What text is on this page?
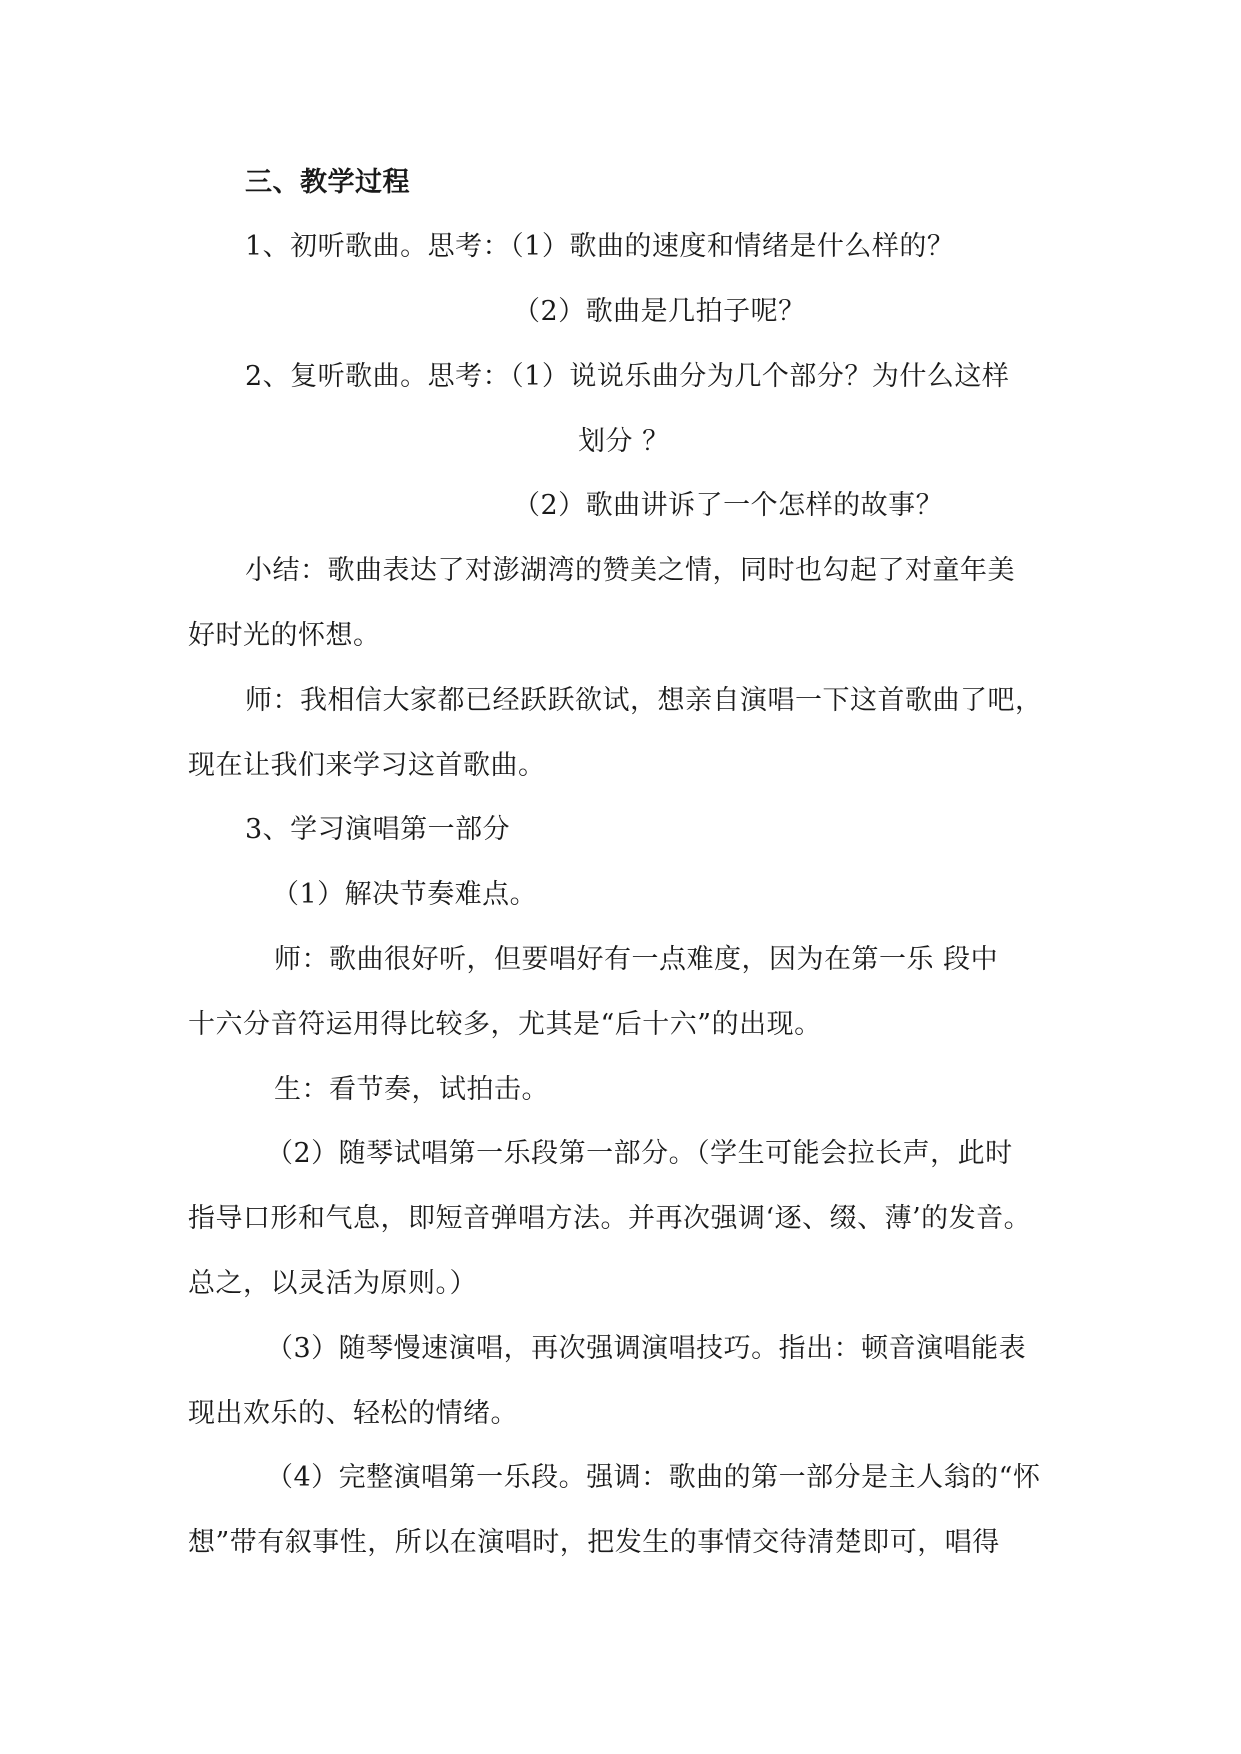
三、教学过程
1、初听歌曲。思考：（1）歌曲的速度和情绪是什么样的？
（2）歌曲是几拍子呢？
2、复听歌曲。思考：（1）说说乐曲分为几个部分？为什么这样
划分 ？
（2）歌曲讲诉了一个怎样的故事？
小结：歌曲表达了对澎湖湾的赞美之情，同时也勾起了对童年美
好时光的怀想。
师：我相信大家都已经跃跃欲试，想亲自演唱一下这首歌曲了吧，
现在让我们来学习这首歌曲。
3、学习演唱第一部分
（1）解决节奏难点。
师：歌曲很好听，但要唱好有一点难度，因为在第一乐 段中
十六分音符运用得比较多，尤其是“后十六”的出现。
生：看节奏，试拍击。
（2）随琴试唱第一乐段第一部分。（学生可能会拉长声，此时
指导口形和气息，即短音弹唱方法。并再次强调‘逐、缀、薄’的发音。
总之，以灵活为原则。）
（3）随琴慢速演唱，再次强调演唱技巧。指出：顿音演唱能表
现出欢乐的、轻松的情绪。
（4）完整演唱第一乐段。强调：歌曲的第一部分是主人翁的“怀
想”带有叙事性，所以在演唱时，把发生的事情交待清楚即可，唱得
